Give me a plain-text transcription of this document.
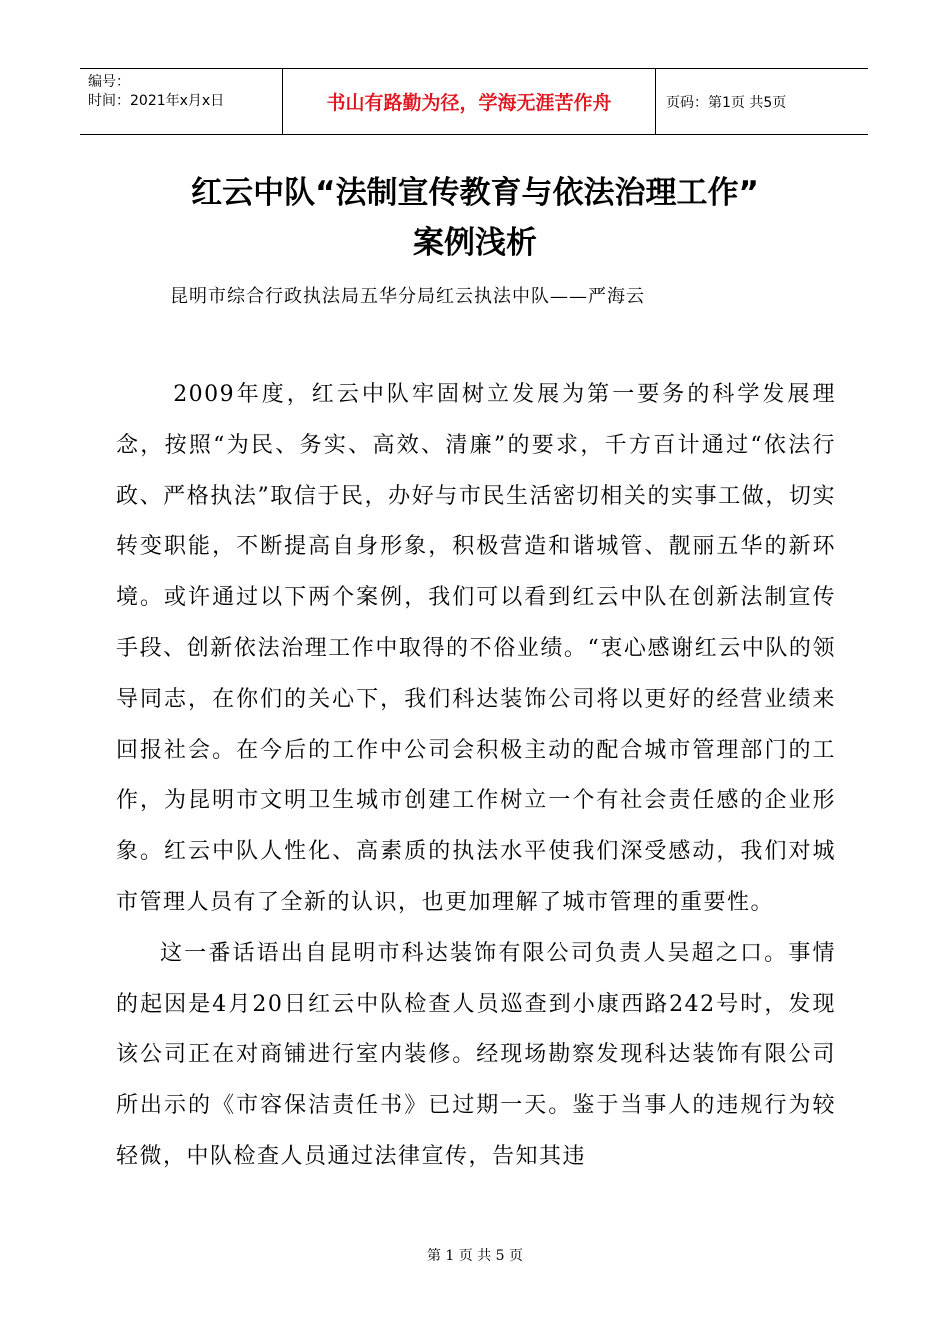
编号：
时间：2021年x月x日	书山有路勤为径，学海无涯苦作舟	页码：第1页 共5页
红云中队“法制宣传教育与依法治理工作”
案例浅析
昆明市综合行政执法局五华分局红云执法中队——严海云

2009年度，红云中队牢固树立发展为第一要务的科学发展理念，按照“为民、务实、高效、清廉”的要求，千方百计通过“依法行政、严格执法”取信于民，办好与市民生活密切相关的实事工做，切实转变职能，不断提高自身形象，积极营造和谐城管、靓丽五华的新环境。或许通过以下两个案例，我们可以看到红云中队在创新法制宣传手段、创新依法治理工作中取得的不俗业绩。“衷心感谢红云中队的领导同志，在你们的关心下，我们科达装饰公司将以更好的经营业绩来回报社会。在今后的工作中公司会积极主动的配合城市管理部门的工作，为昆明市文明卫生城市创建工作树立一个有社会责任感的企业形象。红云中队人性化、高素质的执法水平使我们深受感动，我们对城市管理人员有了全新的认识，也更加理解了城市管理的重要性。

这一番话语出自昆明市科达装饰有限公司负责人吴超之口。事情的起因是4月20日红云中队检查人员巡查到小康西路242号时，发现该公司正在对商铺进行室内装修。经现场勘察发现科达装饰有限公司所出示的《市容保洁责任书》已过期一天。鉴于当事人的违规行为较轻微，中队检查人员通过法律宣传，告知其违

第 1 页 共 5 页
